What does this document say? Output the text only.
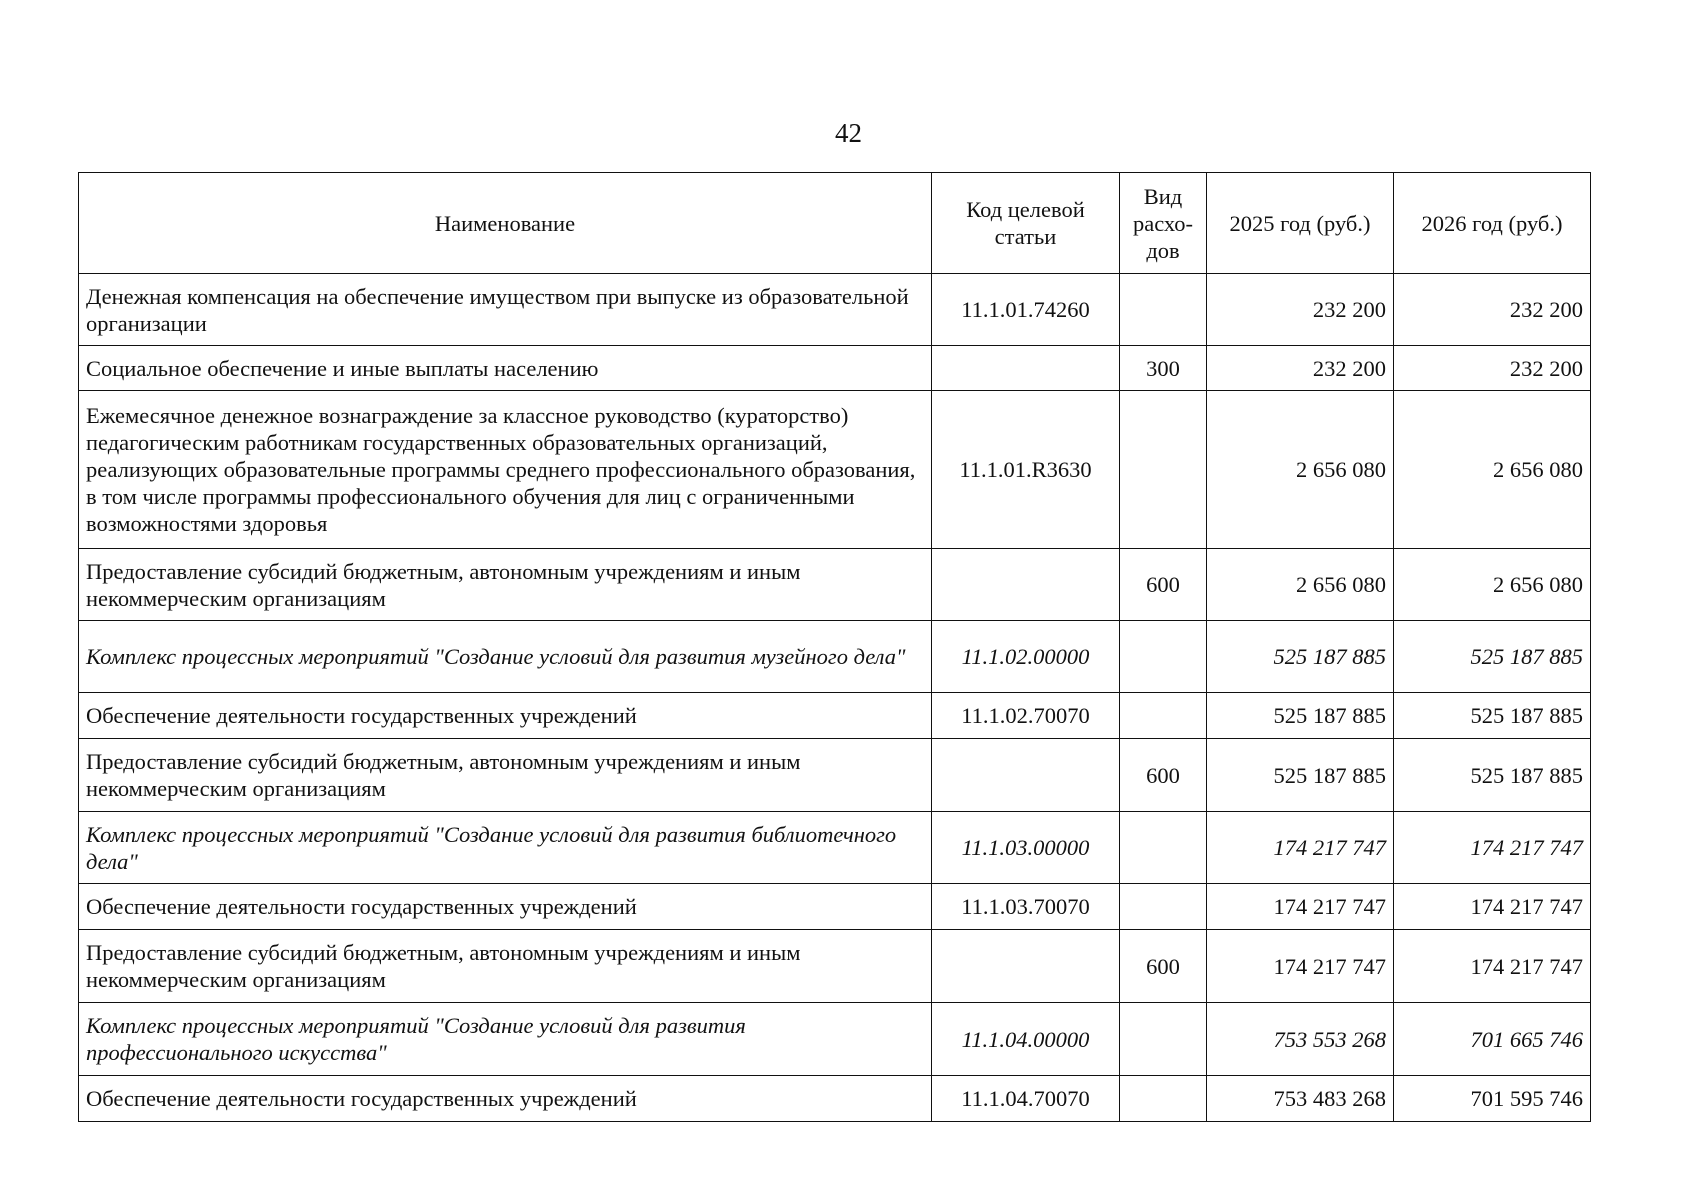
42
Наименование	Код целевой статьи	Вид расхо-дов	2025 год (руб.)	2026 год (руб.)
Денежная компенсация на обеспечение имуществом при выпуске из образовательной организации	11.1.01.74260		232 200	232 200
Социальное обеспечение и иные выплаты населению		300	232 200	232 200
Ежемесячное денежное вознаграждение за классное руководство (кураторство) педагогическим работникам государственных образовательных организаций, реализующих образовательные программы среднего профессионального образования, в том числе программы профессионального обучения для лиц с ограниченными возможностями здоровья	11.1.01.R3630		2 656 080	2 656 080
Предоставление субсидий бюджетным, автономным учреждениям и иным некоммерческим организациям		600	2 656 080	2 656 080
Комплекс процессных мероприятий "Создание условий для развития музейного дела"	11.1.02.00000		525 187 885	525 187 885
Обеспечение деятельности государственных учреждений	11.1.02.70070		525 187 885	525 187 885
Предоставление субсидий бюджетным, автономным учреждениям и иным некоммерческим организациям		600	525 187 885	525 187 885
Комплекс процессных мероприятий "Создание условий для развития библиотечного дела"	11.1.03.00000		174 217 747	174 217 747
Обеспечение деятельности государственных учреждений	11.1.03.70070		174 217 747	174 217 747
Предоставление субсидий бюджетным, автономным учреждениям и иным некоммерческим организациям		600	174 217 747	174 217 747
Комплекс процессных мероприятий "Создание условий для развития профессионального искусства"	11.1.04.00000		753 553 268	701 665 746
Обеспечение деятельности государственных учреждений	11.1.04.70070		753 483 268	701 595 746
